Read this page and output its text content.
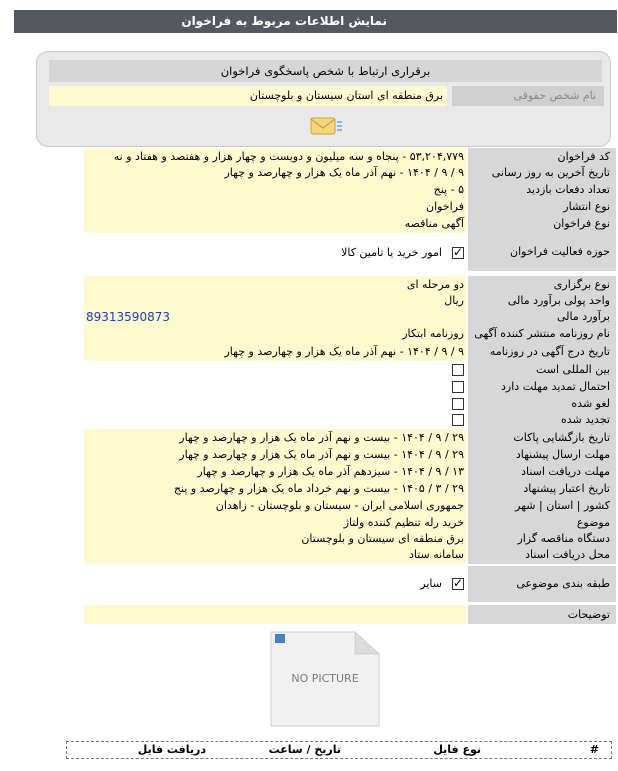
نمایش اطلاعات مربوط به فراخوان
برقراری ارتباط با شخص پاسخگوی فراخوان
نام شخص حقوقی
برق منطقه ای استان سیستان و بلوچستان
کد فراخوان
۵۳,۲۰۴,۷۷۹ - پنجاه و سه میلیون و دویست و چهار هزار و هفتصد و هفتاد و نه
تاریخ آخرین به روز رسانی
۹ / ۹ / ۱۴۰۴ - نهم آذر ماه یک هزار و چهارصد و چهار
تعداد دفعات بازدید
۵ - پنج
نوع انتشار
فراخوان
نوع فراخوان
آگهی مناقصه
حوزه فعالیت فراخوان
✓
امور خرید یا تامین کالا
نوع برگزاری
دو مرحله ای
واحد پولی برآورد مالی
ریال
برآورد مالی
89313590873
نام روزنامه منتشر کننده آگهی
روزنامه ابتکار
تاریخ درج آگهی در روزنامه
۹ / ۹ / ۱۴۰۴ - نهم آذر ماه یک هزار و چهارصد و چهار
بین المللی است
احتمال تمدید مهلت دارد
لغو شده
تجدید شده
تاریخ بازگشایی پاکات
۲۹ / ۹ / ۱۴۰۴ - بیست و نهم آذر ماه یک هزار و چهارصد و چهار
مهلت ارسال پیشنهاد
۲۹ / ۹ / ۱۴۰۴ - بیست و نهم آذر ماه یک هزار و چهارصد و چهار
مهلت دریافت اسناد
۱۳ / ۹ / ۱۴۰۴ - سیزدهم آذر ماه یک هزار و چهارصد و چهار
تاریخ اعتبار پیشنهاد
۲۹ / ۳ / ۱۴۰۵ - بیست و نهم خرداد ماه یک هزار و چهارصد و پنج
کشور | استان | شهر
جمهوری اسلامی ایران - سیستان و بلوچستان - زاهدان
موضوع
خرید رله تنظیم کننده ولتاژ
دستگاه مناقصه گزار
برق منطقه ای سیستان و بلوچستان
محل دریافت اسناد
سامانه ستاد
طبقه بندی موضوعی
✓
سایر
توضیحات
NO PICTURE
#
نوع فایل
تاریخ / ساعت
دریافت فایل
